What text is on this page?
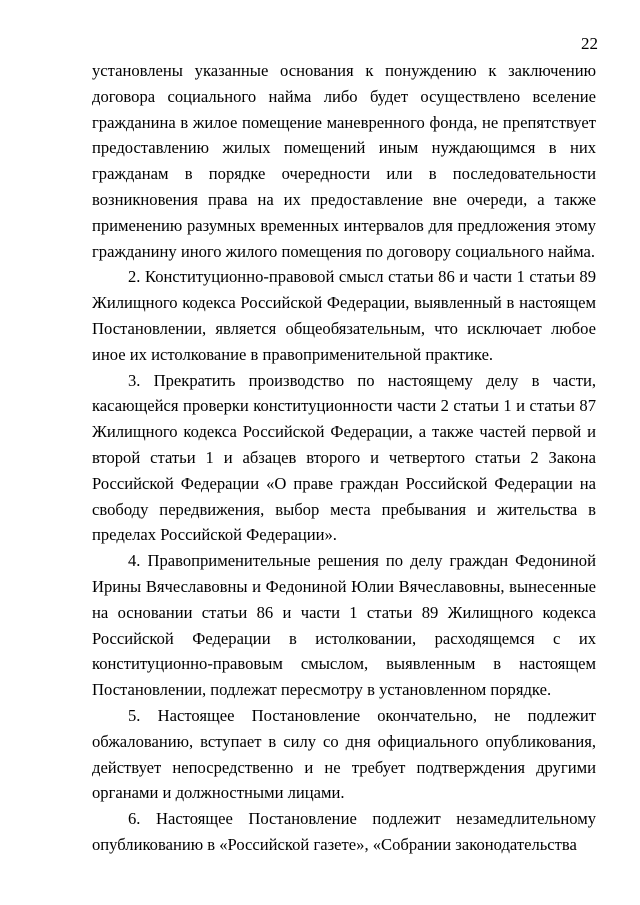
22

установлены указанные основания к понуждению к заключению договора социального найма либо будет осуществлено вселение гражданина в жилое помещение маневренного фонда, не препятствует предоставлению жилых помещений иным нуждающимся в них гражданам в порядке очередности или в последовательности возникновения права на их предоставление вне очереди, а также применению разумных временных интервалов для предложения этому гражданину иного жилого помещения по договору социального найма.

2. Конституционно-правовой смысл статьи 86 и части 1 статьи 89 Жилищного кодекса Российской Федерации, выявленный в настоящем Постановлении, является общеобязательным, что исключает любое иное их истолкование в правоприменительной практике.

3. Прекратить производство по настоящему делу в части, касающейся проверки конституционности части 2 статьи 1 и статьи 87 Жилищного кодекса Российской Федерации, а также частей первой и второй статьи 1 и абзацев второго и четвертого статьи 2 Закона Российской Федерации «О праве граждан Российской Федерации на свободу передвижения, выбор места пребывания и жительства в пределах Российской Федерации».

4. Правоприменительные решения по делу граждан Федониной Ирины Вячеславовны и Федониной Юлии Вячеславовны, вынесенные на основании статьи 86 и части 1 статьи 89 Жилищного кодекса Российской Федерации в истолковании, расходящемся с их конституционно-правовым смыслом, выявленным в настоящем Постановлении, подлежат пересмотру в установленном порядке.

5. Настоящее Постановление окончательно, не подлежит обжалованию, вступает в силу со дня официального опубликования, действует непосредственно и не требует подтверждения другими органами и должностными лицами.

6. Настоящее Постановление подлежит незамедлительному опубликованию в «Российской газете», «Собрании законодательства
